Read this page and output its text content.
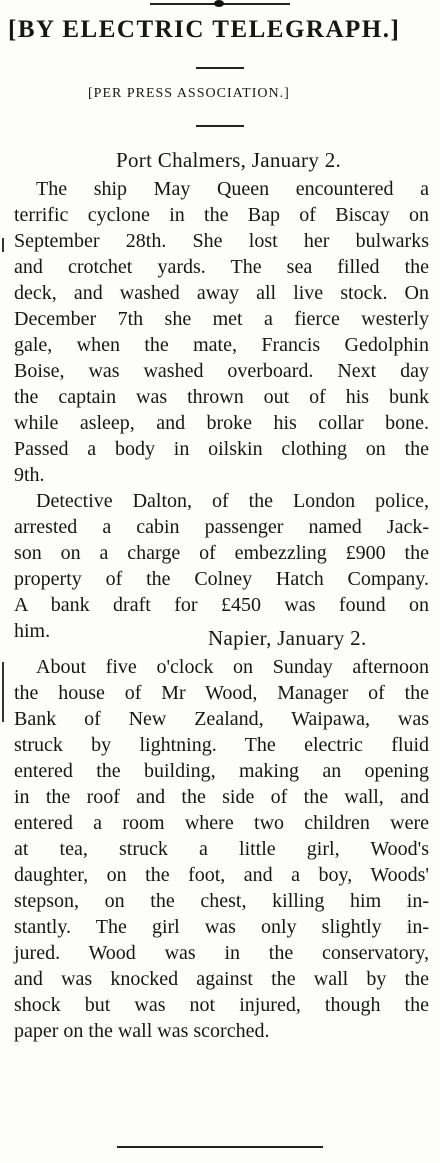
[BY ELECTRIC TELEGRAPH.]
[PER PRESS ASSOCIATION.]
Port Chalmers, January 2.
The ship May Queen encountered a
terrific cyclone in the Bap of Biscay on
September 28th. She lost her bulwarks
and crotchet yards. The sea filled the
deck, and washed away all live stock. On
December 7th she met a fierce westerly
gale, when the mate, Francis Gedolphin
Boise, was washed overboard. Next day
the captain was thrown out of his bunk
while asleep, and broke his collar bone.
Passed a body in oilskin clothing on the
9th.
Detective Dalton, of the London police,
arrested a cabin passenger named Jack-
son on a charge of embezzling £900 the
property of the Colney Hatch Company.
A bank draft for £450 was found on
him.	Napier, January 2.
About five o'clock on Sunday afternoon
the house of Mr Wood, Manager of the
Bank of New Zealand, Waipawa, was
struck by lightning. The electric fluid
entered the building, making an opening
in the roof and the side of the wall, and
entered a room where two children were
at tea, struck a little girl, Wood's
daughter, on the foot, and a boy, Woods'
stepson, on the chest, killing him in-
stantly. The girl was only slightly in-
jured. Wood was in the conservatory,
and was knocked against the wall by the
shock but was not injured, though the
paper on the wall was scorched.
